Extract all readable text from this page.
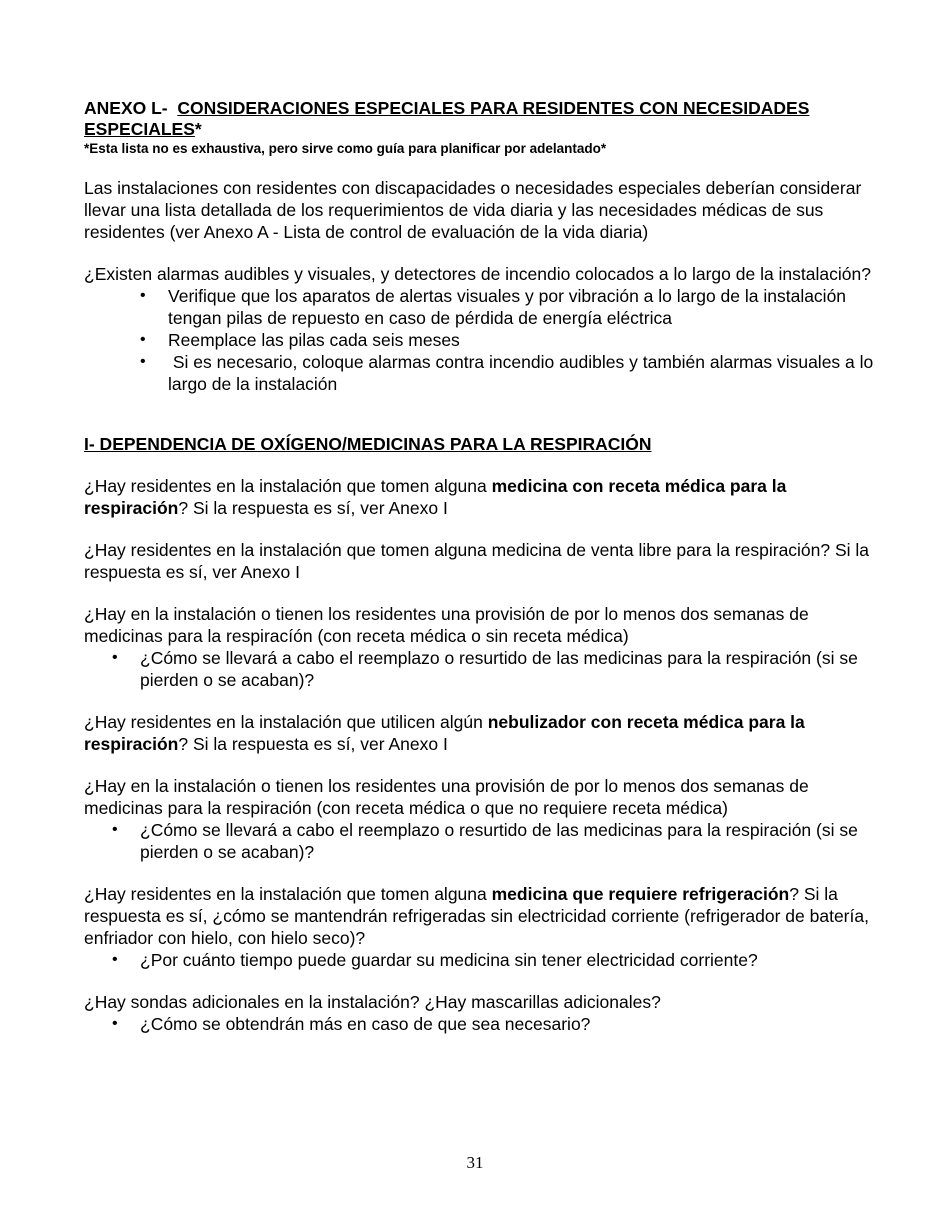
ANEXO L- CONSIDERACIONES ESPECIALES PARA RESIDENTES CON NECESIDADES ESPECIALES*
*Esta lista no es exhaustiva, pero sirve como guía para planificar por adelantado*

Las instalaciones con residentes con discapacidades o necesidades especiales deberían considerar llevar una lista detallada de los requerimientos de vida diaria y las necesidades médicas de sus residentes (ver Anexo A - Lista de control de evaluación de la vida diaria)

¿Existen alarmas audibles y visuales, y detectores de incendio colocados a lo largo de la instalación?

• Verifique que los aparatos de alertas visuales y por vibración a lo largo de la instalación tengan pilas de repuesto en caso de pérdida de energía eléctrica
• Reemplace las pilas cada seis meses
• Si es necesario, coloque alarmas contra incendio audibles y también alarmas visuales a lo largo de la instalación
I- DEPENDENCIA DE OXÍGENO/MEDICINAS PARA LA RESPIRACIÓN

¿Hay residentes en la instalación que tomen alguna medicina con receta médica para la respiración? Si la respuesta es sí, ver Anexo I

¿Hay residentes en la instalación que tomen alguna medicina de venta libre para la respiración? Si la respuesta es sí, ver Anexo I

¿Hay en la instalación o tienen los residentes una provisión de por lo menos dos semanas de medicinas para la respiracíón (con receta médica o sin receta médica)

• ¿Cómo se llevará a cabo el reemplazo o resurtido de las medicinas para la respiración (si se pierden o se acaban)?

¿Hay residentes en la instalación que utilicen algún nebulizador con receta médica para la respiración? Si la respuesta es sí, ver Anexo I

¿Hay en la instalación o tienen los residentes una provisión de por lo menos dos semanas de medicinas para la respiración (con receta médica o que no requiere receta médica)

• ¿Cómo se llevará a cabo el reemplazo o resurtido de las medicinas para la respiración (si se pierden o se acaban)?

¿Hay residentes en la instalación que tomen alguna medicina que requiere refrigeración? Si la respuesta es sí, ¿cómo se mantendrán refrigeradas sin electricidad corriente (refrigerador de batería, enfriador con hielo, con hielo seco)?

• ¿Por cuánto tiempo puede guardar su medicina sin tener electricidad corriente?

¿Hay sondas adicionales en la instalación? ¿Hay mascarillas adicionales?

• ¿Cómo se obtendrán más en caso de que sea necesario?
31
